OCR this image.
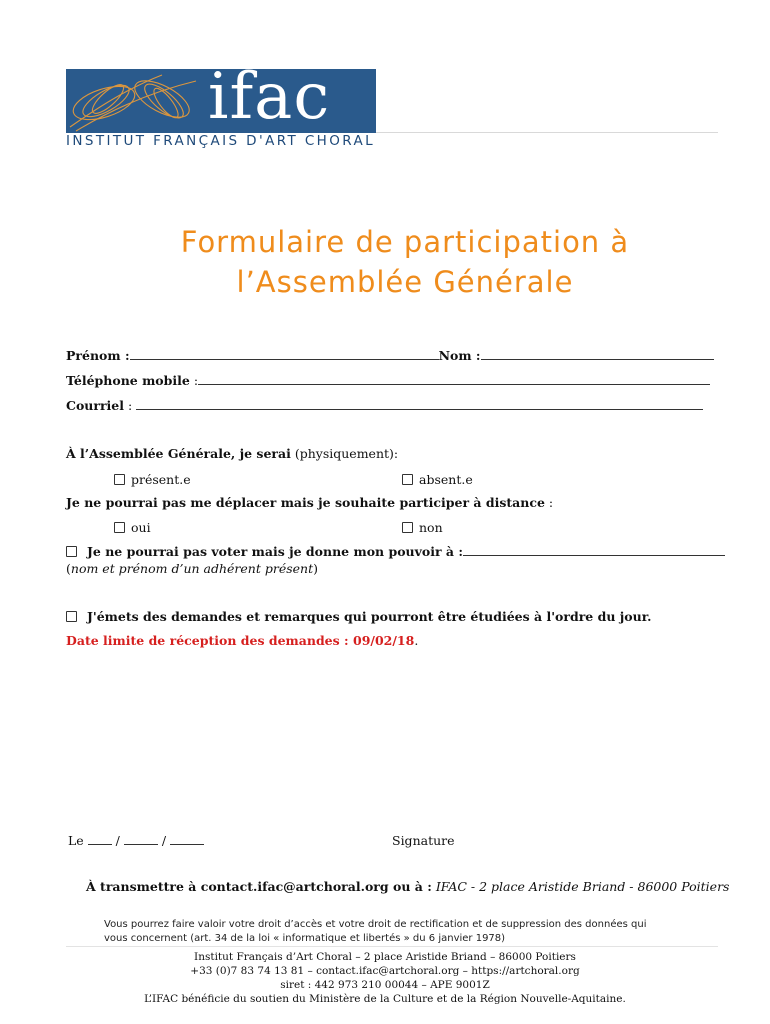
ifac
INSTITUT FRANÇAIS D'ART CHORAL
Formulaire de participation à
l’Assemblée Générale
Prénom :	Nom :
Téléphone mobile :
Courriel :
À l’Assemblée Générale, je serai (physiquement):
présent.e	absent.e
Je ne pourrai pas me déplacer mais je souhaite participer à distance :
oui	non
Je ne pourrai pas voter mais je donne mon pouvoir à :
(nom et prénom d’un adhérent présent)
J'émets des demandes et remarques qui pourront être étudiées à l'ordre du jour.
Date limite de réception des demandes : 09/02/18.
Le	/	/	Signature
À transmettre à contact.ifac@artchoral.org ou à : IFAC - 2 place Aristide Briand - 86000 Poitiers
Vous pourrez faire valoir votre droit d’accès et votre droit de rectification et de suppression des données qui
vous concernent (art. 34 de la loi « informatique et libertés » du 6 janvier 1978)
Institut Français d’Art Choral – 2 place Aristide Briand – 86000 Poitiers
+33 (0)7 83 74 13 81 – contact.ifac@artchoral.org – https://artchoral.org
siret : 442 973 210 00044 – APE 9001Z
L’IFAC bénéficie du soutien du Ministère de la Culture et de la Région Nouvelle-Aquitaine.
